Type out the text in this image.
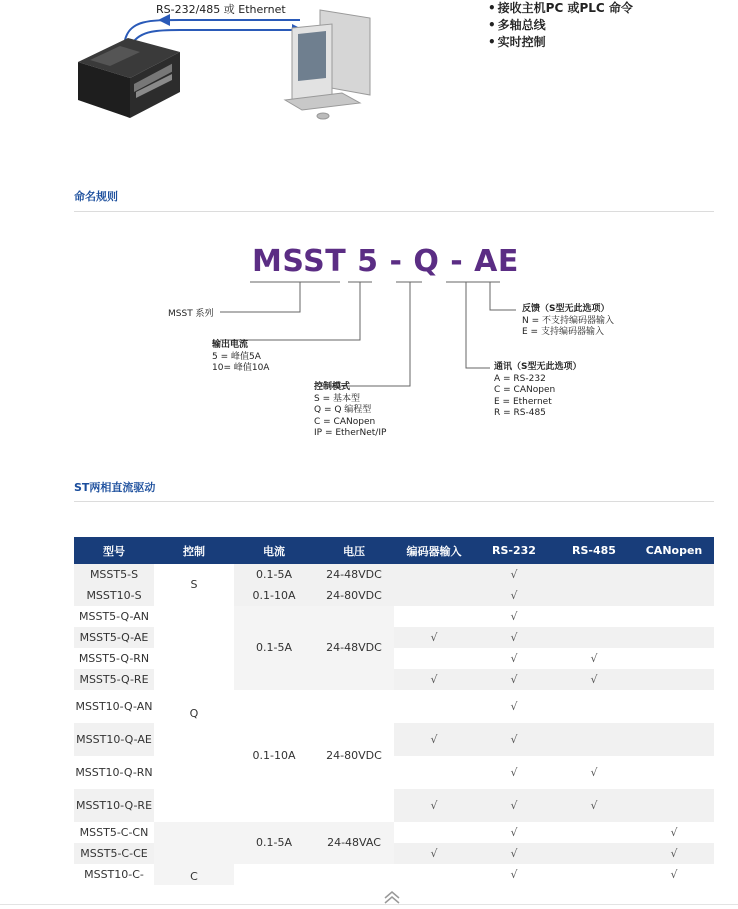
RS-232/485 或 Ethernet	• 接收主机PC 或PLC 命令
• 多轴总线
• 实时控制
命名规则
MSST 5 - Q - AE
MSST 系列
输出电流
5 = 峰值5A
10= 峰值10A
控制模式
S = 基本型
Q = Q 编程型
C = CANopen
IP = EtherNet/IP
通讯（S型无此选项）
A = RS-232
C = CANopen
E = Ethernet
R = RS-485
反馈（S型无此选项）
N = 不支持编码器输入
E = 支持编码器输入
ST两相直流驱动
型号	控制	电流	电压	编码器输入	RS-232	RS-485	CANopen
MSST5-S	S	0.1-5A	24-48VDC		√		
MSST10-S		0.1-10A	24-80VDC		√		
MSST5-Q-AN	Q	0.1-5A	24-48VDC		√		
MSST5-Q-AE				√	√		
MSST5-Q-RN					√	√	
MSST5-Q-RE				√	√	√	
MSST10-Q-AN		0.1-10A	24-80VDC		√		
MSST10-Q-AE				√	√		
MSST10-Q-RN					√	√	
MSST10-Q-RE				√	√	√	
MSST5-C-CN	C	0.1-5A	24-48VAC		√		√
MSST5-C-CE				√	√		√
MSST10-C-					√		√
